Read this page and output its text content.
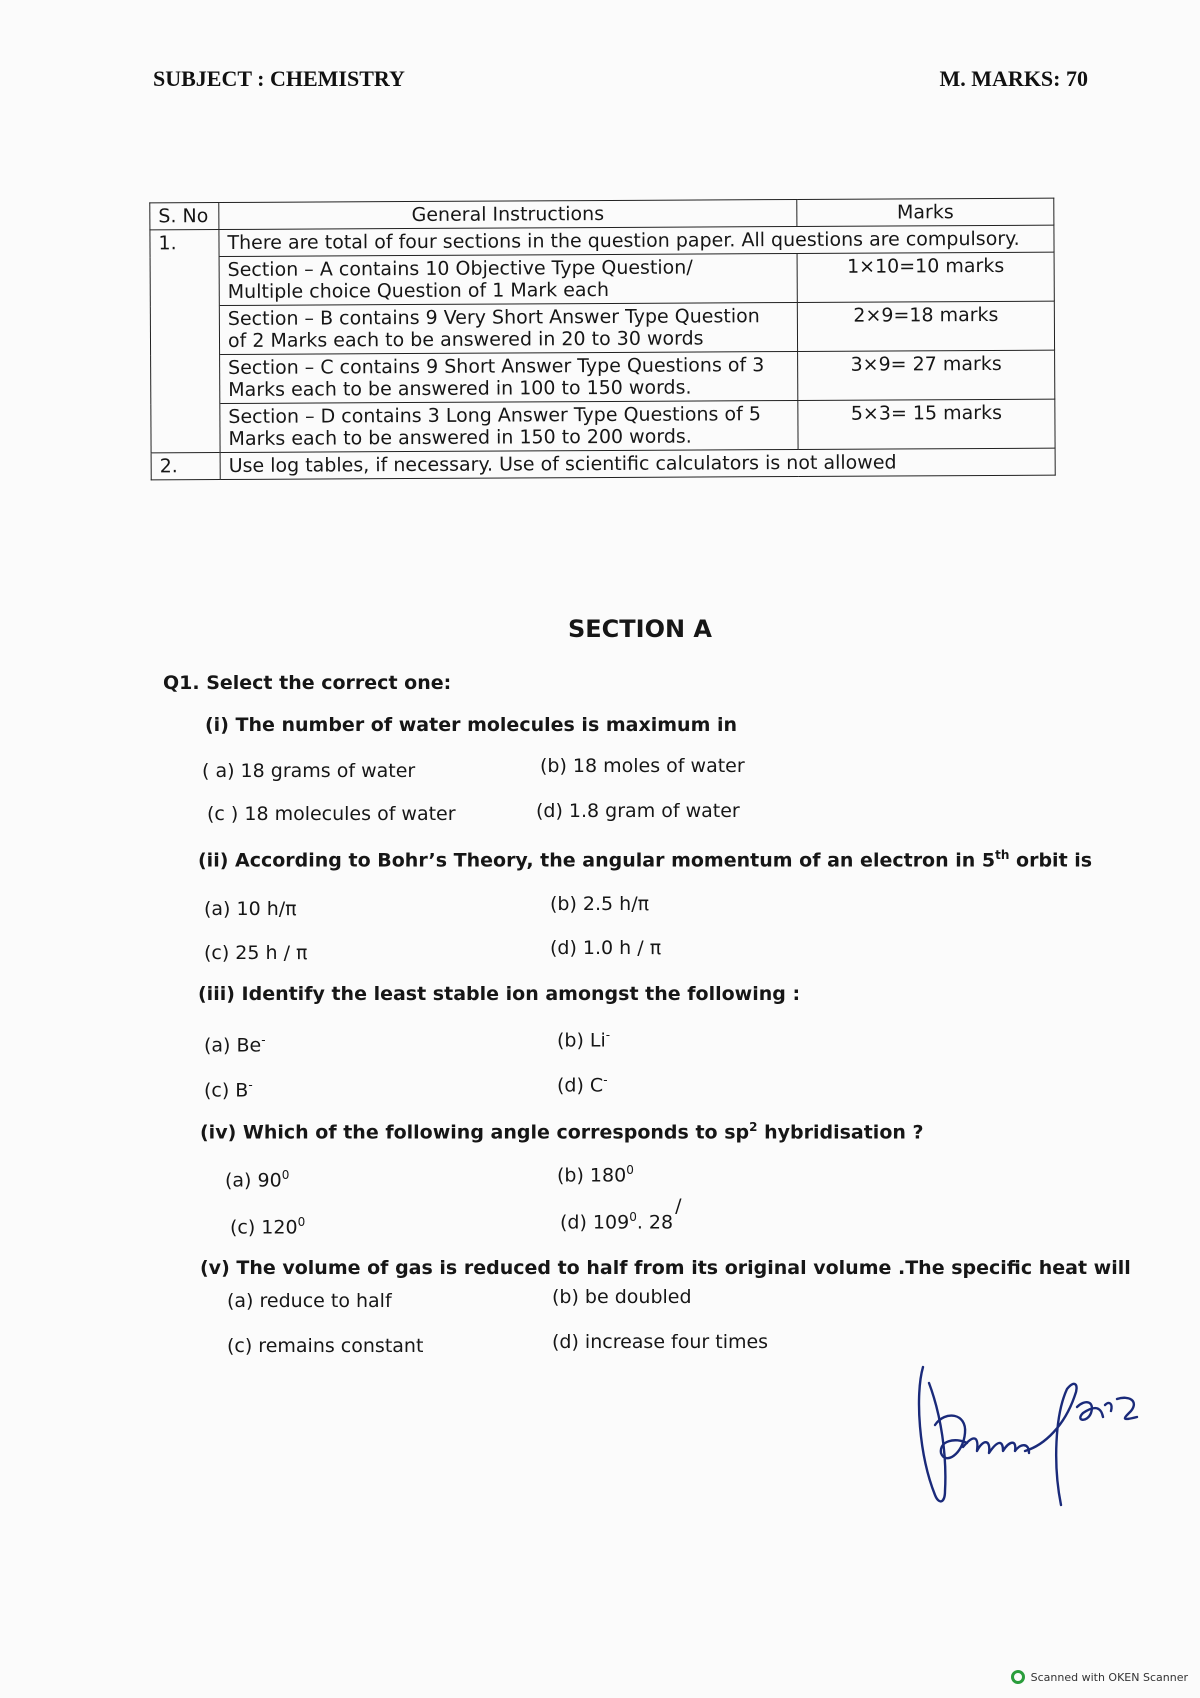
SUBJECT : CHEMISTRY	M. MARKS: 70
S. No	General Instructions	Marks
1.	There are total of four sections in the question paper. All questions are compulsory.	

	Section – A contains 10 Objective Type Question/
Multiple choice Question of 1 Mark each	1×10=10 marks

	Section – B contains 9 Very Short Answer Type Question
of 2 Marks each to be answered in 20 to 30 words	2×9=18 marks

	Section – C contains 9 Short Answer Type Questions of 3
Marks each to be answered in 100 to 150 words.	3×9= 27 marks

	Section – D contains 3 Long Answer Type Questions of 5
Marks each to be answered in 150 to 200 words.	5×3= 15 marks
2.	Use log tables, if necessary. Use of scientific calculators is not allowed	
SECTION A
Q1. Select the correct one:
(i) The number of water molecules is maximum in
( a) 18 grams of water	(b) 18 moles of water
(c ) 18 molecules of water	(d) 1.8 gram of water
(ii) According to Bohr’s Theory, the angular momentum of an electron in 5th orbit is
(a) 10 h/π	(b) 2.5 h/π
(c) 25 h / π	(d) 1.0 h / π
(iii) Identify the least stable ion amongst the following :
(a) Be-	(b) Li-
(c) B-	(d) C-
(iv) Which of the following angle corresponds to $sp^2$ hybridisation ?
(a) $90^0$	(b) $180^0$
(c) $120^0$	(d) $109^0$. 28/
(v) The volume of gas is reduced to half from its original volume .The specific heat will
(a) reduce to half	(b) be doubled
(c) remains constant	(d) increase four times
Scanned with OKEN Scanner
